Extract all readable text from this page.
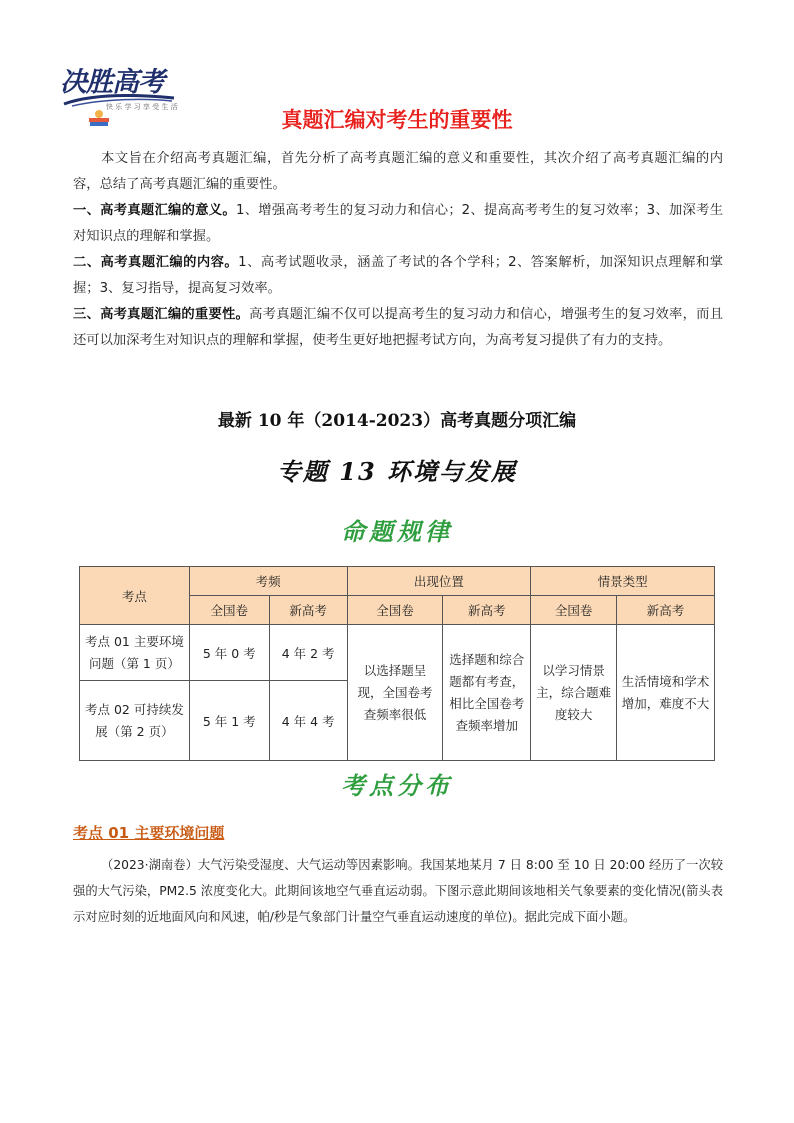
决胜高考
快 乐 学 习 享 受 生 活
真题汇编对考生的重要性

本文旨在介绍高考真题汇编，首先分析了高考真题汇编的意义和重要性，其次介绍了高考真题汇编的内容，总结了高考真题汇编的重要性。

一、高考真题汇编的意义。1、增强高考考生的复习动力和信心；2、提高高考考生的复习效率；3、加深考生对知识点的理解和掌握。

二、高考真题汇编的内容。1、高考试题收录，涵盖了考试的各个学科；2、答案解析，加深知识点理解和掌握；3、复习指导，提高复习效率。

三、高考真题汇编的重要性。高考真题汇编不仅可以提高考生的复习动力和信心，增强考生的复习效率，而且还可以加深考生对知识点的理解和掌握，使考生更好地把握考试方向，为高考复习提供了有力的支持。

最新 10 年（2014-2023）高考真题分项汇编
专题 13 环境与发展
命题规律
考点	考频		出现位置		情景类型	
	全国卷	新高考	全国卷	新高考	全国卷	新高考
考点 01 主要环境问题（第 1 页）	5 年 0 考	4 年 2 考	以选择题呈现，全国卷考查频率很低	选择题和综合题都有考查，相比全国卷考查频率增加	以学习情景主，综合题难度较大	生活情境和学术增加，难度不大
考点 02 可持续发展（第 2 页）	5 年 1 考	4 年 4 考				
考点分布
考点 01 主要环境问题

（2023·湖南卷）大气污染受湿度、大气运动等因素影响。我国某地某月 7 日 8:00 至 10 日 20:00 经历了一次较强的大气污染，PM2.5 浓度变化大。此期间该地空气垂直运动弱。下图示意此期间该地相关气象要素的变化情况(箭头表示对应时刻的近地面风向和风速，帕/秒是气象部门计量空气垂直运动速度的单位)。据此完成下面小题。
